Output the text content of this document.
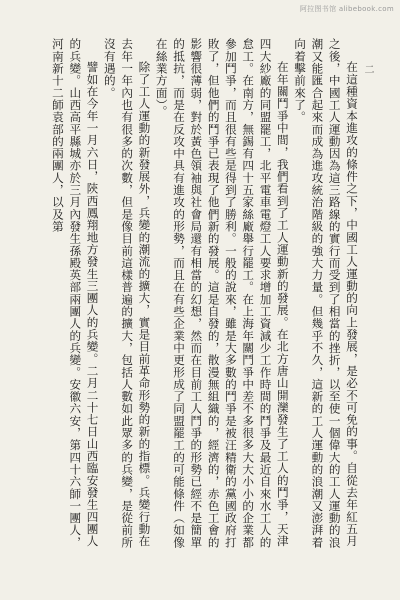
阿拉图书馆 alibebook.com
二

在這種資本進攻的條件之下，中國工人運動的向上發展，是必不可免的事。自從去年紅五月之後，中國工人運動因為這三路線的實行而受到了相當的挫折，以至使一個偉大的工人運動的浪潮又能匯合起來而成為進攻統治階級的強大力量。但幾乎不久，這新的工人運動的浪潮又澎湃着向着擊前來了。

在年關鬥爭中間，我們看到了工人運動新的發展。在北方唐山開灤發生了工人的鬥爭，天津四大紗廠的同盟罷工，北平電車電燈工人要求增加工資減少工作時間的鬥爭及最近自來水工人的怠工。在南方，無錫有四十五家絲廠舉行罷工。在上海年關鬥爭中差不多很多大大小小的企業都參加鬥爭，而且很有些是得到了勝利。一般的說來，雖是大多數的鬥爭是被汪精衛的黨國政府打敗了，但他們的鬥爭已表現了他們新的發展。這是自發的，散漫無組織的，經濟的，赤色工會的影響很薄弱，對於黃色領袖與社會局還有相當的幻想，然而在目前工人鬥爭的形勢已經不是簡單的抵抗，而是在反攻中具有進攻的形勢，而且在有些企業中更形成了同盟罷工的可能條件（如像在絲業方面）。

除了工人運動的新發展外，兵變的潮流的擴大，實是目前革命形勢的新的指標。兵變行動在去年一年內也有很多的次數，但是像目前這樣普遍的擴大，包括人數如此眾多的兵變，是從前所沒有遇的。

譬如在今年一月六日，陝西鳳翔地方發生三團人的兵變。二月二十七日山西臨安發生四團人的兵變。山西高平縣城亦於三月內發生孫殿英部兩團人的兵變。安徽六安，第四十六師一團人，河南新十二師袁部的兩團人，以及第
